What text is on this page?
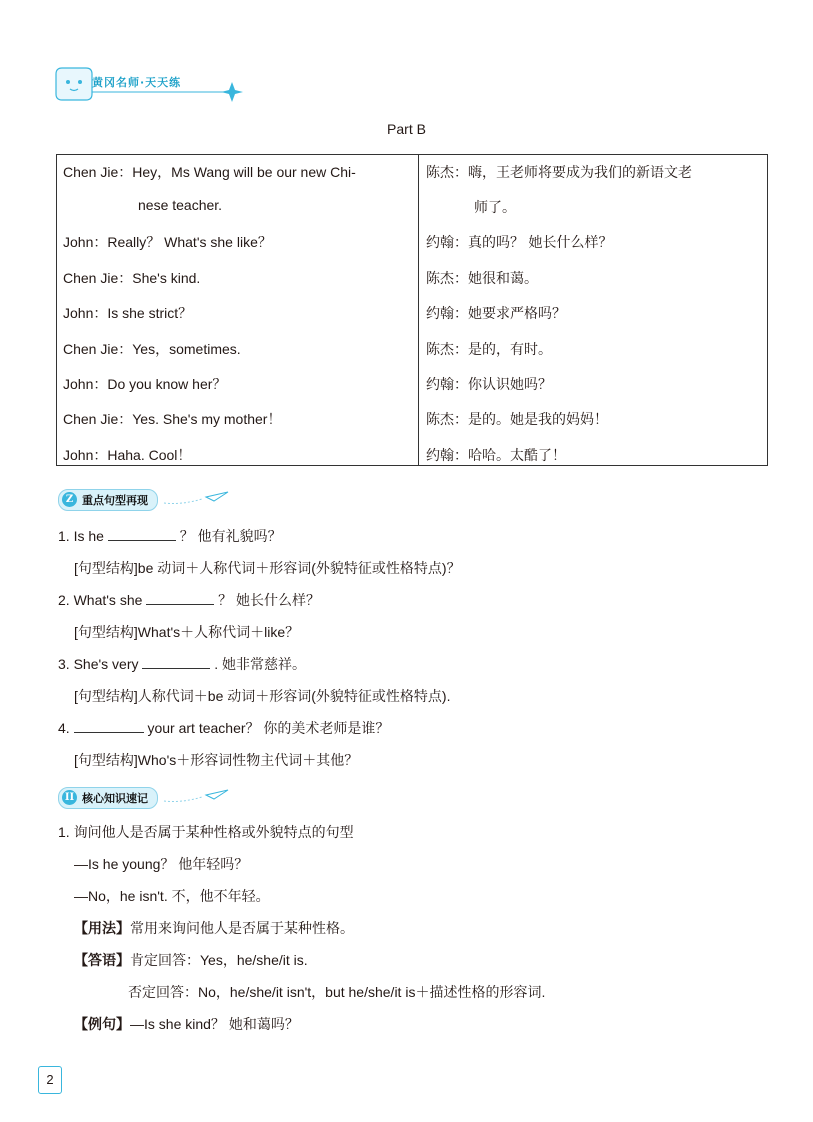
黄冈名师·天天练
Part B
Chen Jie：Hey，Ms Wang will be our new Chi-	陈杰：嗨，王老师将要成为我们的新语文老
nese teacher.	师了。
John：Really？ What's she like？	约翰：真的吗？ 她长什么样？
Chen Jie：She's kind.	陈杰：她很和蔼。
John：Is she strict？	约翰：她要求严格吗？
Chen Jie：Yes，sometimes.	陈杰：是的，有时。
John：Do you know her？	约翰：你认识她吗？
Chen Jie：Yes. She's my mother！	陈杰：是的。她是我的妈妈！
John：Haha. Cool！	约翰：哈哈。太酷了！
Z 重点句型再现
1. Is he	？ 他有礼貌吗？
[句型结构]be 动词＋人称代词＋形容词(外貌特征或性格特点)？
2. What's she	？ 她长什么样？
[句型结构]What's＋人称代词＋like？
3. She's very	. 她非常慈祥。
[句型结构]人称代词＋be 动词＋形容词(外貌特征或性格特点).
4.	your art teacher？ 你的美术老师是谁？
[句型结构]Who's＋形容词性物主代词＋其他？
II 核心知识速记
1. 询问他人是否属于某种性格或外貌特点的句型
—Is he young？ 他年轻吗？
—No，he isn't. 不，他不年轻。
【用法】常用来询问他人是否属于某种性格。
【答语】肯定回答：Yes，he/she/it is.
否定回答：No，he/she/it isn't，but he/she/it is＋描述性格的形容词.
【例句】—Is she kind？ 她和蔼吗？
2
